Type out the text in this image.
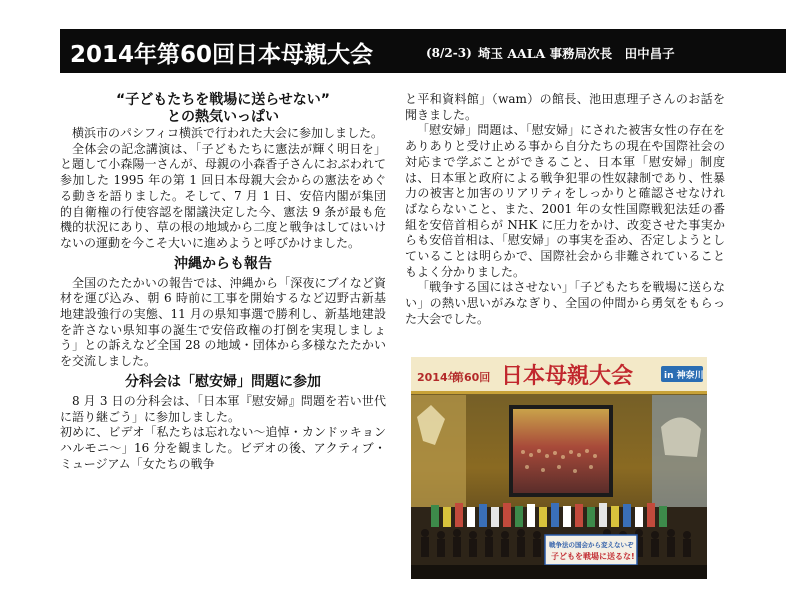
2014年第60回日本母親大会	(8/2-3) 埼玉 AALA 事務局次長　田中昌子

“子どもたちを戦場に送らせない”

との熱気いっぱい

横浜市のパシフィコ横浜で行われた大会に参加しました。

全体会の記念講演は、「子どもたちに憲法が輝く明日を」と題して小森陽一さんが、母親の小森香子さんにおぶわれて参加した 1995 年の第 1 回日本母親大会からの憲法をめぐる動きを語りました。そして、7 月 1 日、安倍内閣が集団的自衛権の行使容認を閣議決定した今、憲法 9 条が最も危機的状況にあり、草の根の地域から二度と戦争はしてはいけないの運動を今こそ大いに進めようと呼びかけました。

沖縄からも報告

全国のたたかいの報告では、沖縄から「深夜にブイなど資材を運び込み、朝 6 時前に工事を開始するなど辺野古新基地建設強行の実態、11 月の県知事選で勝利し、新基地建設を許さない県知事の誕生で安倍政権の打倒を実現しましょう」との訴えなど全国 28 の地域・団体から多様なたたかいを交流しました。

分科会は「慰安婦」問題に参加

8 月 3 日の分科会は、「日本軍『慰安婦』問題を若い世代に語り継ごう」に参加しました。

初めに、ビデオ「私たちは忘れない～追悼・カンドッキョンハルモニ～」16 分を観ました。ビデオの後、アクティブ・ミュージアム「女たちの戦争

と平和資料館」（wam）の館長、池田恵理子さんのお話を聞きました。

「慰安婦」問題は、「慰安婦」にされた被害女性の存在をありありと受け止める事から自分たちの現在や国際社会の対応まで学ぶことができること、日本軍「慰安婦」制度は、日本軍と政府による戦争犯罪の性奴隷制であり、性暴力の被害と加害のリアリティをしっかりと確認させなければならないこと、また、2001 年の女性国際戦犯法廷の番組を安倍首相らが NHK に圧力をかけ、改変させた事実からも安倍首相は、「慰安婦」の事実を歪め、否定しようとしていることは明らかで、国際社会から非難されていることもよく分かりました。

「戦争する国にはさせない」「子どもたちを戦場に送らない」の熱い思いがみなぎり、全国の仲間から勇気をもらった大会でした。

2014年
第60回 日本母親大会	in 神奈川
戦争法の国会から変えないぞ
子どもを戦場に送るな!
